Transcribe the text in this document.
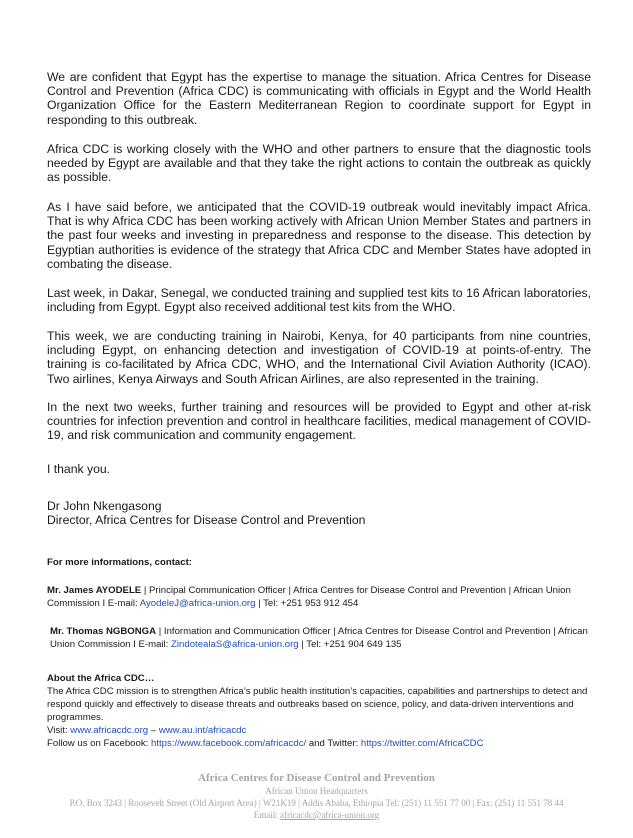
We are confident that Egypt has the expertise to manage the situation. Africa Centres for Disease Control and Prevention (Africa CDC) is communicating with officials in Egypt and the World Health Organization Office for the Eastern Mediterranean Region to coordinate support for Egypt in responding to this outbreak.

Africa CDC is working closely with the WHO and other partners to ensure that the diagnostic tools needed by Egypt are available and that they take the right actions to contain the outbreak as quickly as possible.

As I have said before, we anticipated that the COVID-19 outbreak would inevitably impact Africa. That is why Africa CDC has been working actively with African Union Member States and partners in the past four weeks and investing in preparedness and response to the disease. This detection by Egyptian authorities is evidence of the strategy that Africa CDC and Member States have adopted in combating the disease.

Last week, in Dakar, Senegal, we conducted training and supplied test kits to 16 African laboratories, including from Egypt. Egypt also received additional test kits from the WHO.

This week, we are conducting training in Nairobi, Kenya, for 40 participants from nine countries, including Egypt, on enhancing detection and investigation of COVID-19 at points-of-entry. The training is co-facilitated by Africa CDC, WHO, and the International Civil Aviation Authority (ICAO). Two airlines, Kenya Airways and South African Airlines, are also represented in the training.

In the next two weeks, further training and resources will be provided to Egypt and other at-risk countries for infection prevention and control in healthcare facilities, medical management of COVID-19, and risk communication and community engagement.

I thank you.

Dr John Nkengasong
Director, Africa Centres for Disease Control and Prevention

For more informations, contact:

Mr. James AYODELE | Principal Communication Officer | Africa Centres for Disease Control and Prevention | African Union Commission I E-mail: AyodeleJ@africa-union.org | Tel: +251 953 912 454

Mr. Thomas NGBONGA | Information and Communication Officer | Africa Centres for Disease Control and Prevention | African Union Commission I E-mail: ZindotealaS@africa-union.org | Tel: +251 904 649 135

About the Africa CDC…
The Africa CDC mission is to strengthen Africa’s public health institution’s capacities, capabilities and partnerships to detect and respond quickly and effectively to disease threats and outbreaks based on science, policy, and data-driven interventions and programmes.
Visit: www.africacdc.org – www.au.int/africacdc
Follow us on Facebook: https://www.facebook.com/africacdc/ and Twitter: https://twitter.com/AfricaCDC

Africa Centres for Disease Control and Prevention

African Union Headquarters

P.O. Box 3243 | Roosevelt Street (Old Airport Area) | W21K19 | Addis Ababa, Ethiopia Tel: (251) 11 551 77 00 | Fax: (251) 11 551 78 44

Email: africacdc@africa-union.org
